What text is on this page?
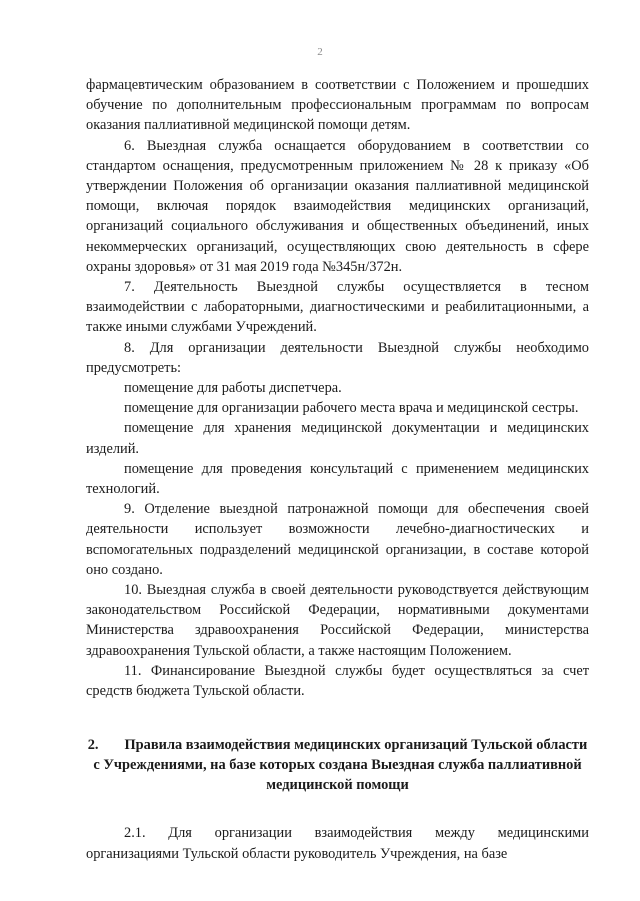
2

фармацевтическим образованием в соответствии с Положением и прошедших обучение по дополнительным профессиональным программам по вопросам оказания паллиативной медицинской помощи детям.

6. Выездная служба оснащается оборудованием в соответствии со стандартом оснащения, предусмотренным приложением № 28 к приказу «Об утверждении Положения об организации оказания паллиативной медицинской помощи, включая порядок взаимодействия медицинских организаций, организаций социального обслуживания и общественных объединений, иных некоммерческих организаций, осуществляющих свою деятельность в сфере охраны здоровья» от 31 мая 2019 года №345н/372н.

7. Деятельность Выездной службы осуществляется в тесном взаимодействии с лабораторными, диагностическими и реабилитационными, а также иными службами Учреждений.

8. Для организации деятельности Выездной службы необходимо предусмотреть:

помещение для работы диспетчера.

помещение для организации рабочего места врача и медицинской сестры.

помещение для хранения медицинской документации и медицинских изделий.

помещение для проведения консультаций с применением медицинских технологий.

9. Отделение выездной патронажной помощи для обеспечения своей деятельности использует возможности лечебно-диагностических и вспомогательных подразделений медицинской организации, в составе которой оно создано.

10. Выездная служба в своей деятельности руководствуется действующим законодательством Российской Федерации, нормативными документами Министерства здравоохранения Российской Федерации, министерства здравоохранения Тульской области, а также настоящим Положением.

11. Финансирование Выездной службы будет осуществляться за счет средств бюджета Тульской области.

2. Правила взаимодействия медицинских организаций Тульской области с Учреждениями, на базе которых создана Выездная служба паллиативной медицинской помощи

2.1. Для организации взаимодействия между медицинскими организациями Тульской области руководитель Учреждения, на базе
